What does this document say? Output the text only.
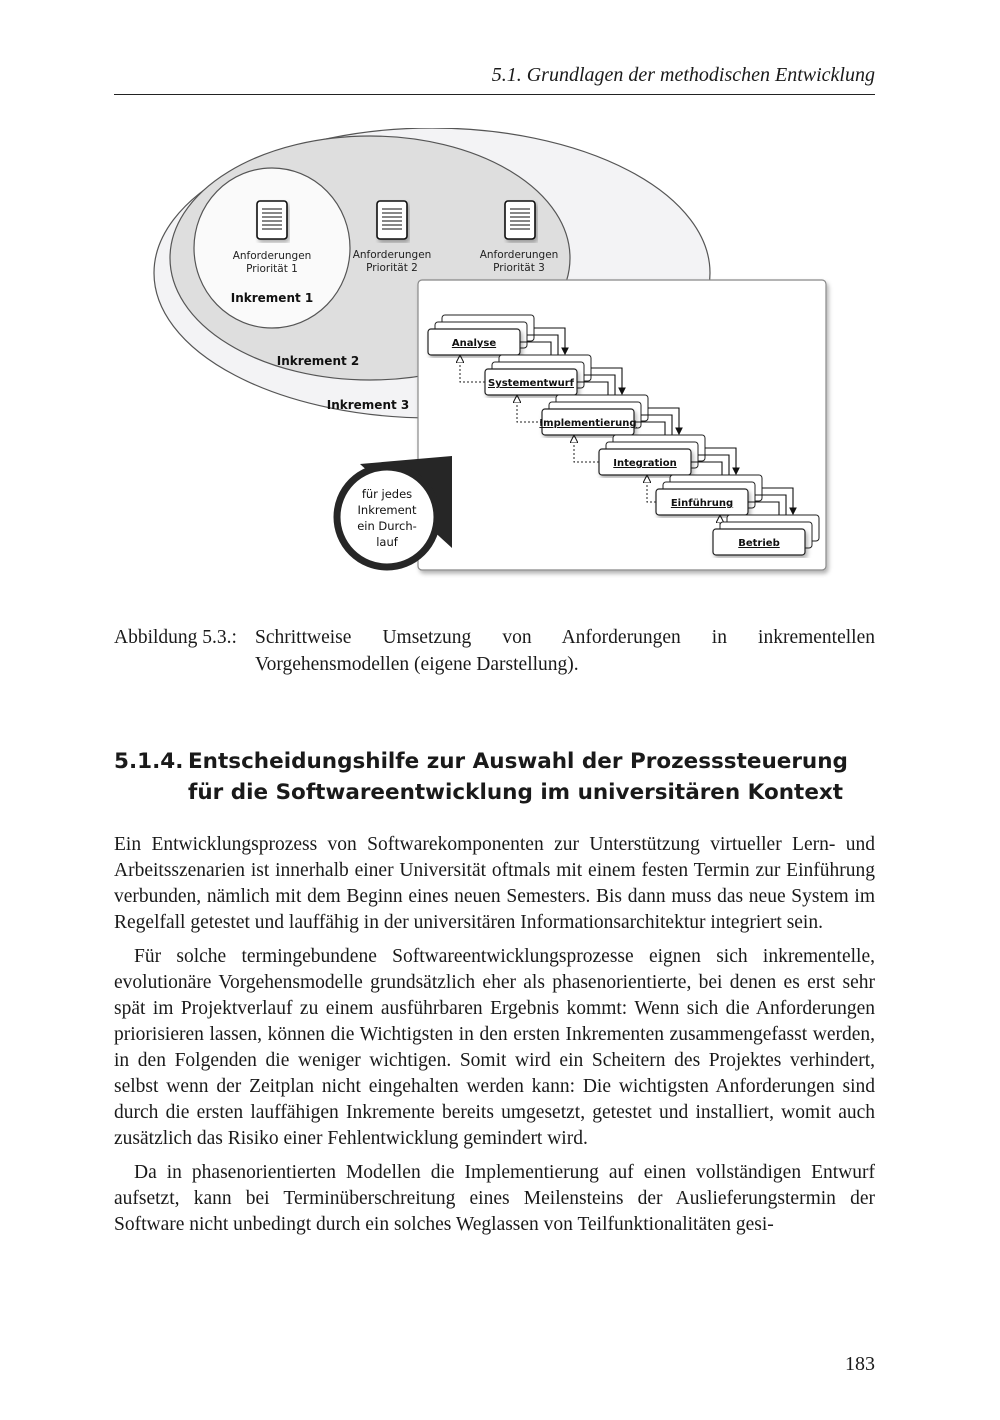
5.1. Grundlagen der methodischen Entwicklung
Anforderungen
Priorität 1
Anforderungen
Priorität 2
Anforderungen
Priorität 3
Inkrement 1
Inkrement 2
Inkrement 3
Analyse
Systementwurf
Implementierung
Integration
Einführung
Betrieb
für jedes
Inkrement
ein Durch-
lauf
Abbildung 5.3.: Schrittweise Umsetzung von Anforderungen in inkrementellen Vorgehensmodellen (eigene Darstellung).
5.1.4. Entscheidungshilfe zur Auswahl der Prozesssteuerung für die Softwareentwicklung im universitären Kontext

Ein Entwicklungsprozess von Softwarekomponenten zur Unterstützung virtueller Lern- und Arbeitsszenarien ist innerhalb einer Universität oftmals mit einem festen Termin zur Einführung verbunden, nämlich mit dem Beginn eines neuen Semesters. Bis dann muss das neue System im Regelfall getestet und lauffähig in der universitären Informationsarchitektur integriert sein.

Für solche termingebundene Softwareentwicklungsprozesse eignen sich inkrementelle, evolutionäre Vorgehensmodelle grundsätzlich eher als phasenorientierte, bei denen es erst sehr spät im Projektverlauf zu einem ausführbaren Ergebnis kommt: Wenn sich die Anforderungen priorisieren lassen, können die Wichtigsten in den ersten Inkrementen zusammengefasst werden, in den Folgenden die weniger wichtigen. Somit wird ein Scheitern des Projektes verhindert, selbst wenn der Zeitplan nicht eingehalten werden kann: Die wichtigsten Anforderungen sind durch die ersten lauffähigen Inkremente bereits umgesetzt, getestet und installiert, womit auch zusätzlich das Risiko einer Fehlentwicklung gemindert wird.

Da in phasenorientierten Modellen die Implementierung auf einen vollständigen Entwurf aufsetzt, kann bei Terminüberschreitung eines Meilensteins der Auslieferungstermin der Software nicht unbedingt durch ein solches Weglassen von Teilfunktionalitäten gesi-

183
